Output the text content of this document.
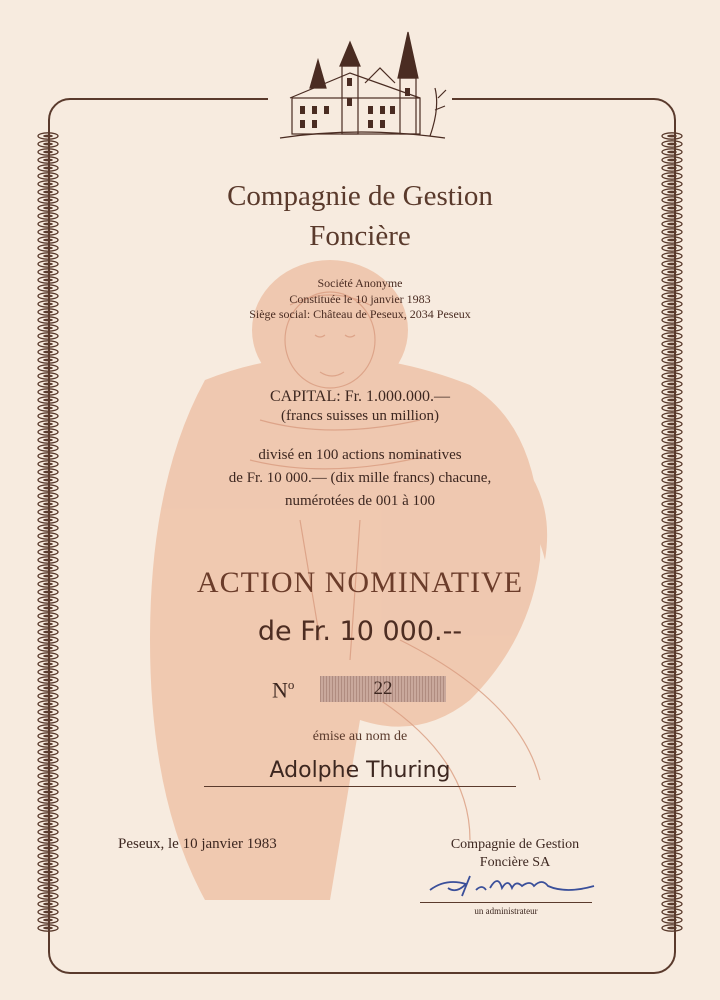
Compagnie de Gestion
Foncière
Société Anonyme
Constituée le 10 janvier 1983
Siège social: Château de Peseux, 2034 Peseux
CAPITAL: Fr. 1.000.000.—
(francs suisses un million)
divisé en 100 actions nominatives
de Fr. 10 000.— (dix mille francs) chacune,
numérotées de 001 à 100
ACTION NOMINATIVE
de Fr. 10 000.--
$N^o$	22
émise au nom de
Adolphe Thuring
Peseux, le 10 janvier 1983	Compagnie de Gestion
Foncière SA
un administrateur
